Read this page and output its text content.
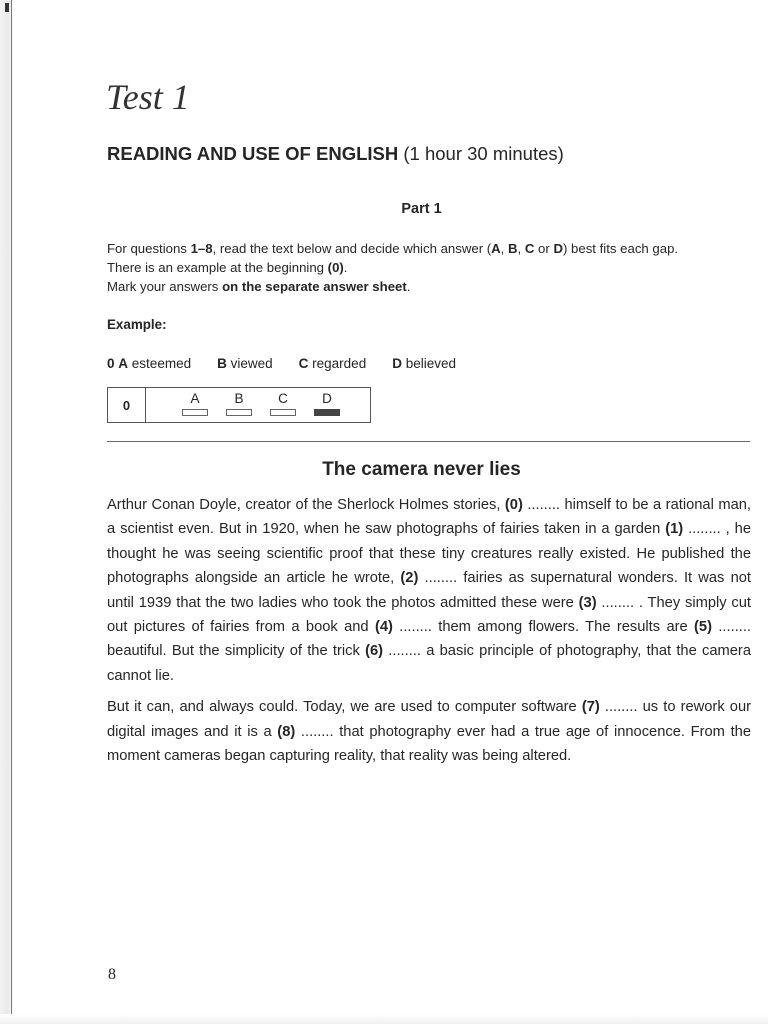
Test 1
READING AND USE OF ENGLISH (1 hour 30 minutes)
Part 1

For questions 1–8, read the text below and decide which answer (A, B, C or D) best fits each gap.

There is an example at the beginning (0).

Mark your answers on the separate answer sheet.

Example:
0 A esteemed B viewed C regarded D believed
0	A	B	C	D
The camera never lies

Arthur Conan Doyle, creator of the Sherlock Holmes stories, (0) ........ himself to be a rational man, a scientist even. But in 1920, when he saw photographs of fairies taken in a garden (1) ........ , he thought he was seeing scientific proof that these tiny creatures really existed. He published the photographs alongside an article he wrote, (2) ........ fairies as supernatural wonders. It was not until 1939 that the two ladies who took the photos admitted these were (3) ........ . They simply cut out pictures of fairies from a book and (4) ........ them among flowers. The results are (5) ........ beautiful. But the simplicity of the trick (6) ........ a basic principle of photography, that the camera cannot lie.

But it can, and always could. Today, we are used to computer software (7) ........ us to rework our digital images and it is a (8) ........ that photography ever had a true age of innocence. From the moment cameras began capturing reality, that reality was being altered.

8
